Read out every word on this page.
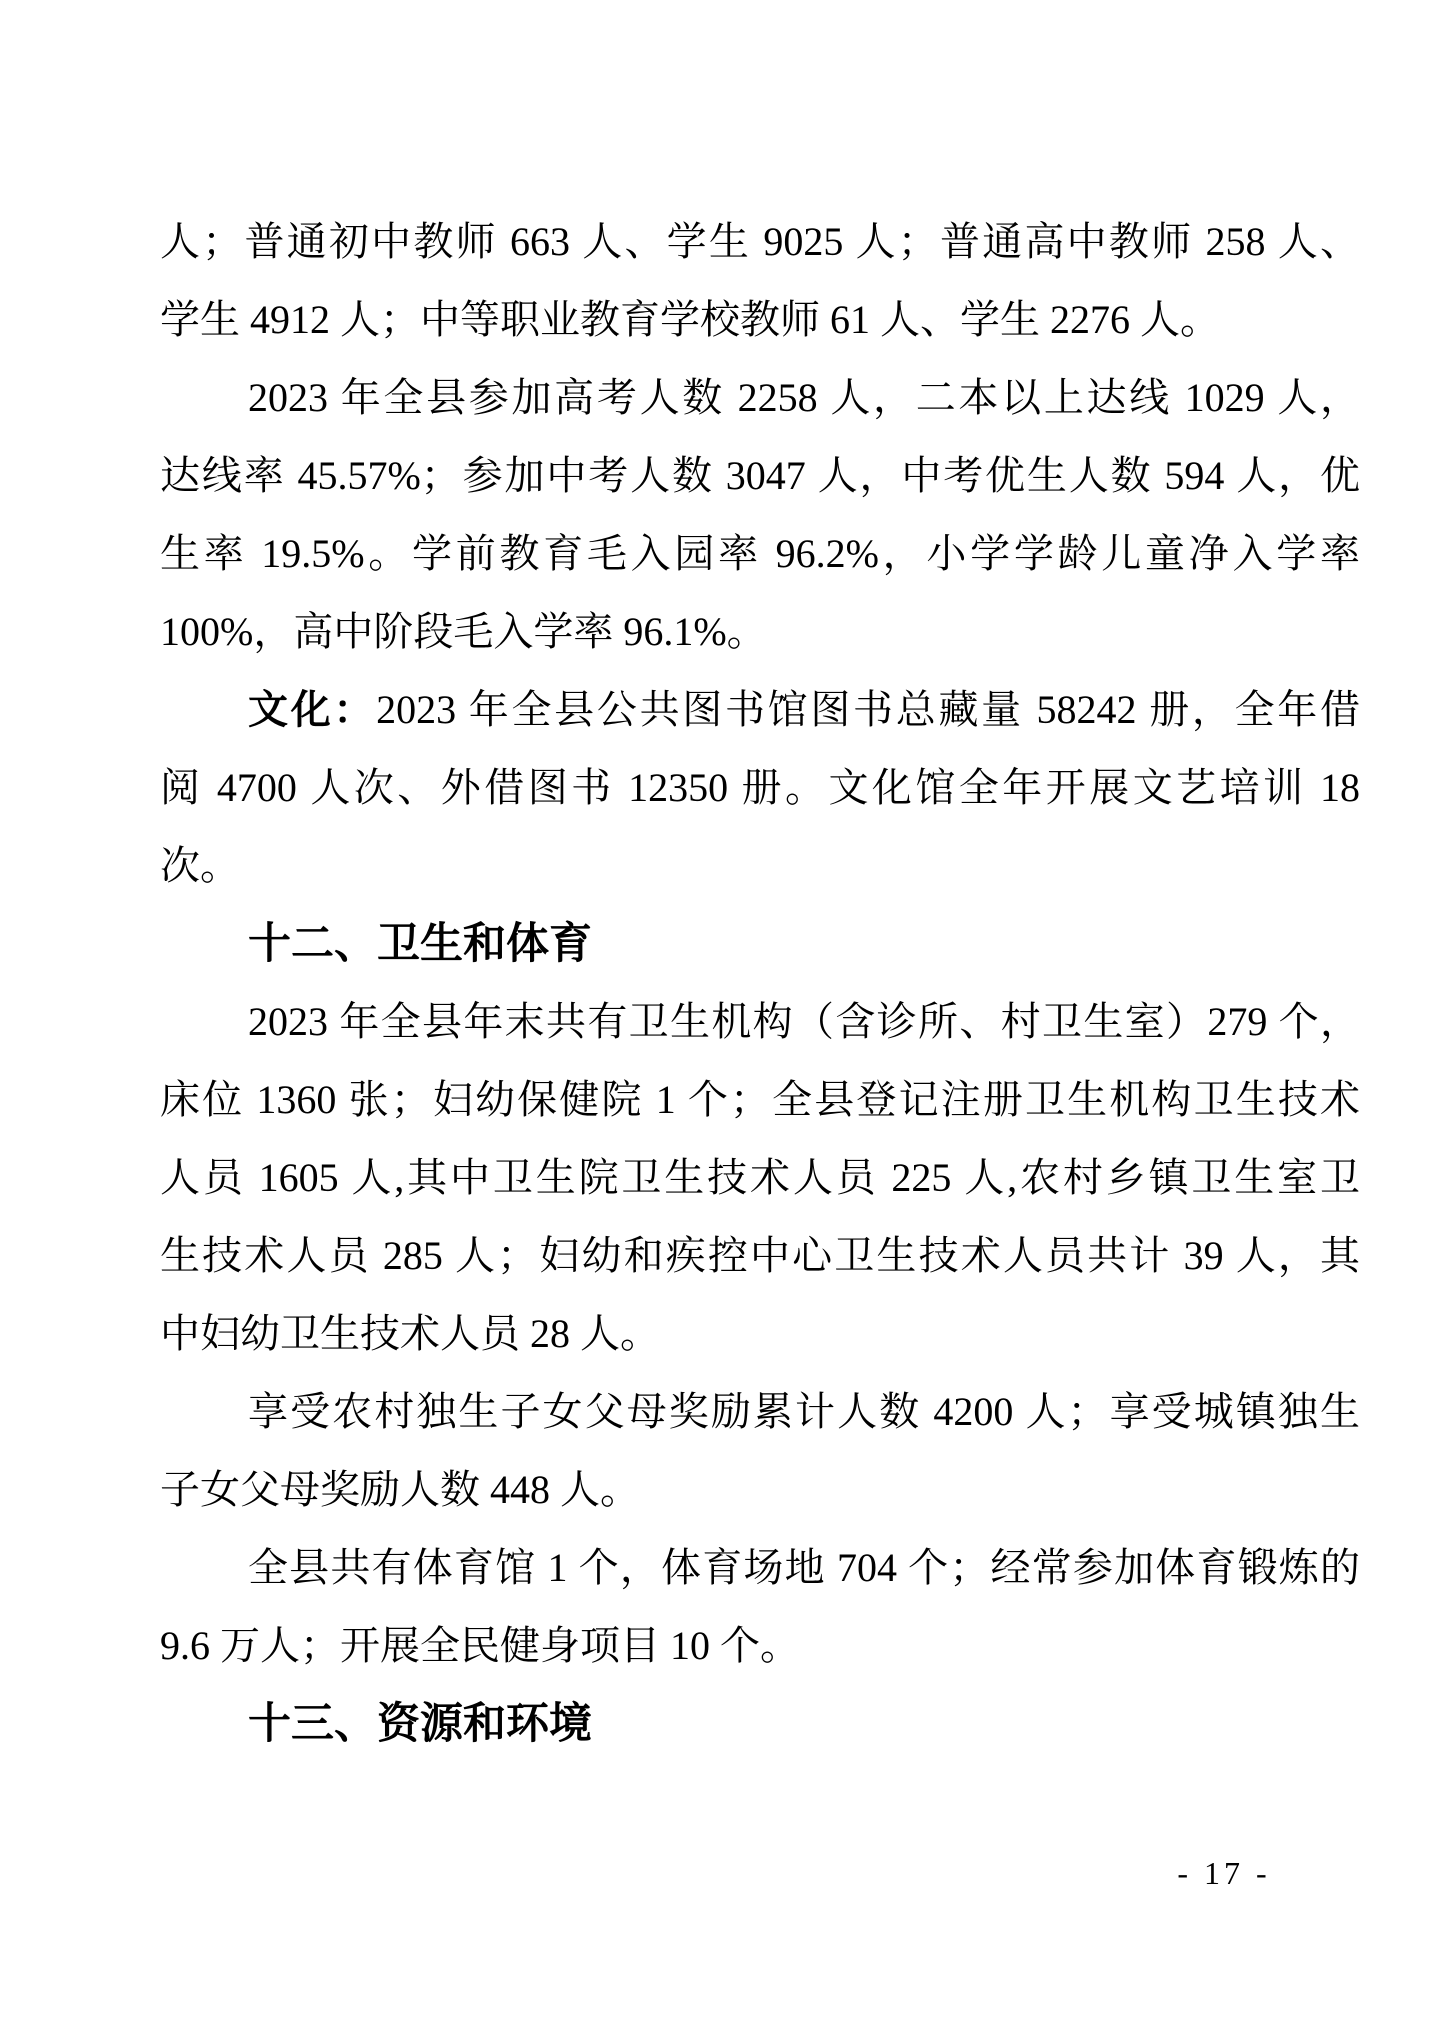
人；普通初中教师 663 人、学生 9025 人；普通高中教师 258 人、
学生 4912 人；中等职业教育学校教师 61 人、学生 2276 人。
2023 年全县参加高考人数 2258 人，二本以上达线 1029 人，
达线率 45.57%；参加中考人数 3047 人，中考优生人数 594 人，优
生率 19.5%。学前教育毛入园率 96.2%，小学学龄儿童净入学率
100%，高中阶段毛入学率 96.1%。
文化：2023 年全县公共图书馆图书总藏量 58242 册，全年借
阅 4700 人次、外借图书 12350 册。文化馆全年开展文艺培训 18
次。
十二、卫生和体育
2023 年全县年末共有卫生机构（含诊所、村卫生室）279 个，
床位 1360 张；妇幼保健院 1 个；全县登记注册卫生机构卫生技术
人员 1605 人,其中卫生院卫生技术人员 225 人,农村乡镇卫生室卫
生技术人员 285 人；妇幼和疾控中心卫生技术人员共计 39 人，其
中妇幼卫生技术人员 28 人。
享受农村独生子女父母奖励累计人数 4200 人；享受城镇独生
子女父母奖励人数 448 人。
全县共有体育馆 1 个，体育场地 704 个；经常参加体育锻炼的
9.6 万人；开展全民健身项目 10 个。
十三、资源和环境
- 17 -
